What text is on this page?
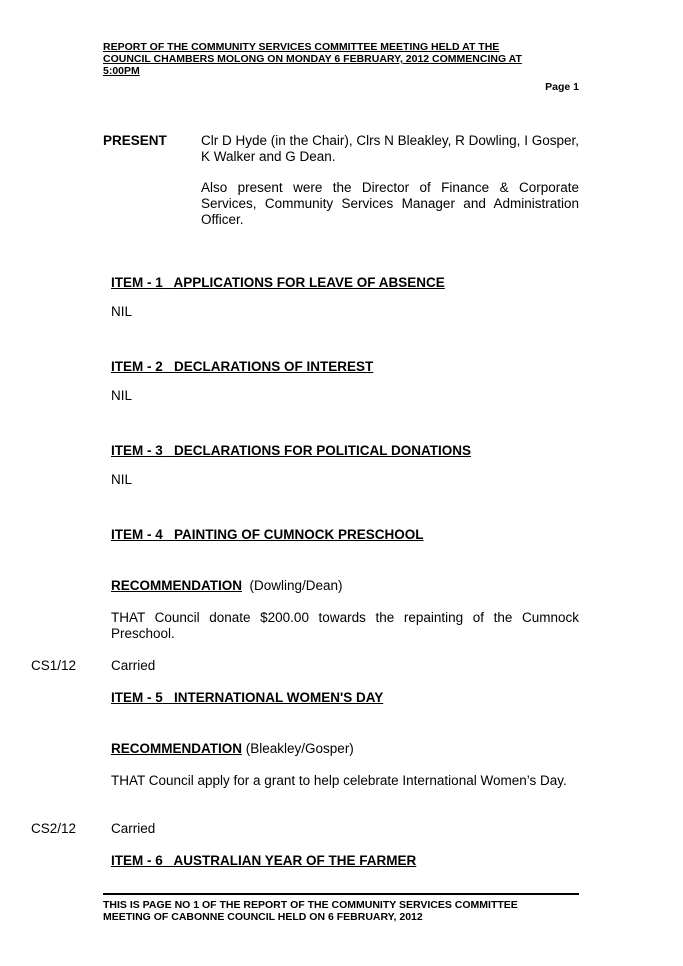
REPORT OF THE COMMUNITY SERVICES COMMITTEE MEETING HELD AT THE
COUNCIL CHAMBERS MOLONG ON MONDAY 6 FEBRUARY, 2012 COMMENCING AT
5:00PM
Page 1
PRESENT	Clr D Hyde (in the Chair), Clrs N Bleakley, R Dowling, I Gosper, K Walker and G Dean.
Also present were the Director of Finance & Corporate Services, Community Services Manager and Administration Officer.
ITEM - 1 APPLICATIONS FOR LEAVE OF ABSENCE
NIL
ITEM - 2 DECLARATIONS OF INTEREST
NIL
ITEM - 3 DECLARATIONS FOR POLITICAL DONATIONS
NIL
ITEM - 4 PAINTING OF CUMNOCK PRESCHOOL
RECOMMENDATION (Dowling/Dean)
THAT Council donate $200.00 towards the repainting of the Cumnock Preschool.
CS1/12	Carried
ITEM - 5 INTERNATIONAL WOMEN'S DAY
RECOMMENDATION (Bleakley/Gosper)
THAT Council apply for a grant to help celebrate International Women’s Day.
CS2/12	Carried
ITEM - 6 AUSTRALIAN YEAR OF THE FARMER
THIS IS PAGE NO 1 OF THE REPORT OF THE COMMUNITY SERVICES COMMITTEE
MEETING OF CABONNE COUNCIL HELD ON 6 FEBRUARY, 2012
